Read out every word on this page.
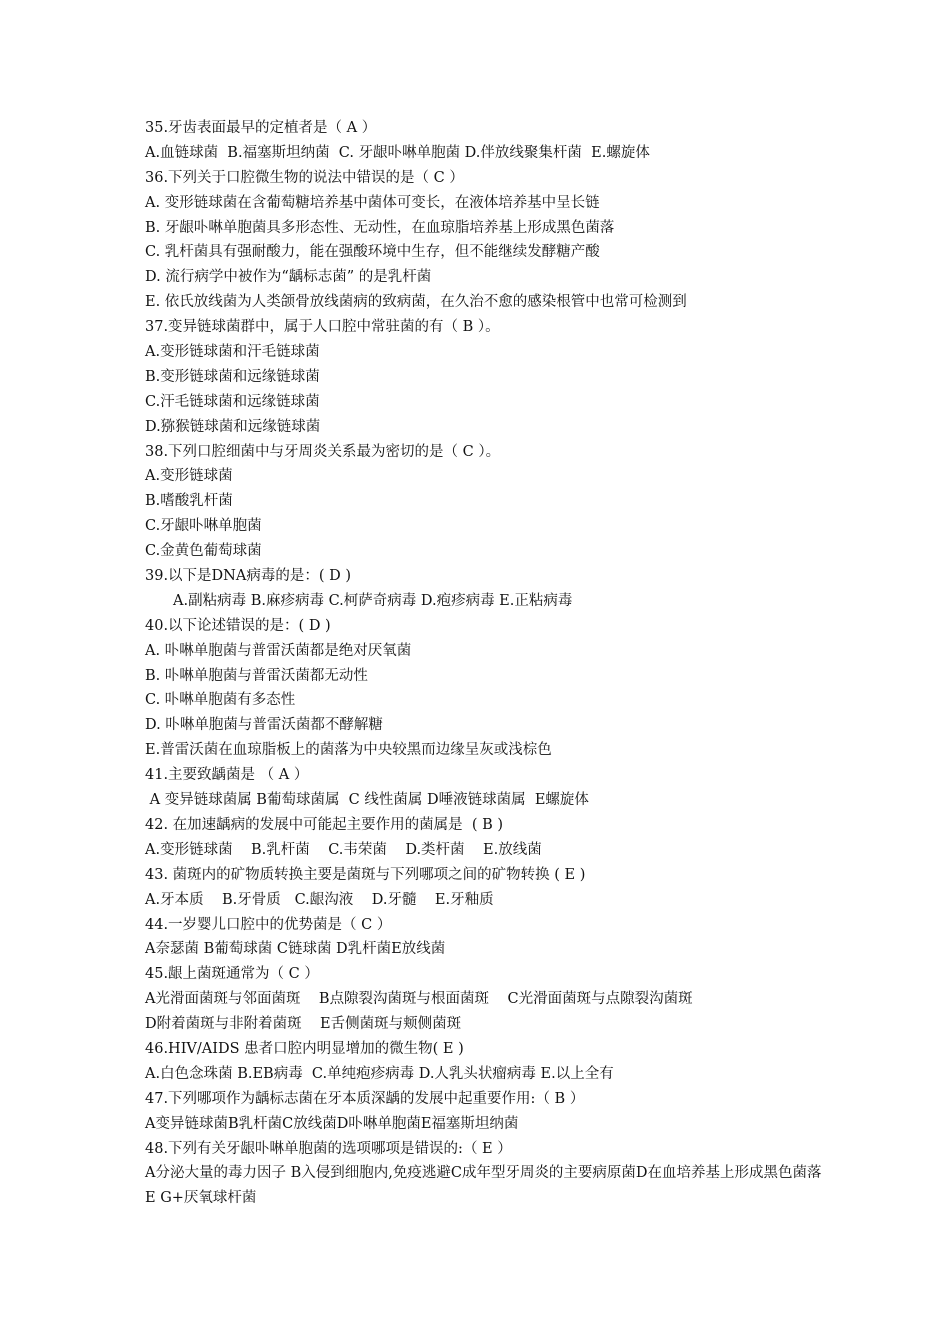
35.牙齿表面最早的定植者是（ A ）
A.血链球菌  B.福塞斯坦纳菌  C. 牙龈卟啉单胞菌 D.伴放线聚集杆菌  E.螺旋体
36.下列关于口腔微生物的说法中错误的是（ C ）
A. 变形链球菌在含葡萄糖培养基中菌体可变长，在液体培养基中呈长链
B. 牙龈卟啉单胞菌具多形态性、无动性，在血琼脂培养基上形成黑色菌落
C. 乳杆菌具有强耐酸力，能在强酸环境中生存，但不能继续发酵糖产酸
D. 流行病学中被作为“龋标志菌” 的是乳杆菌
E. 依氏放线菌为人类颌骨放线菌病的致病菌，在久治不愈的感染根管中也常可检测到
37.变异链球菌群中，属于人口腔中常驻菌的有（ B ）。
A.变形链球菌和汗毛链球菌
B.变形链球菌和远缘链球菌
C.汗毛链球菌和远缘链球菌
D.猕猴链球菌和远缘链球菌
38.下列口腔细菌中与牙周炎关系最为密切的是（ C ）。
A.变形链球菌
B.嗜酸乳杆菌
C.牙龈卟啉单胞菌
C.金黄色葡萄球菌
39.以下是DNA病毒的是：( D )
A.副粘病毒 B.麻疹病毒 C.柯萨奇病毒 D.疱疹病毒 E.正粘病毒
40.以下论述错误的是：( D )
A. 卟啉单胞菌与普雷沃菌都是绝对厌氧菌
B. 卟啉单胞菌与普雷沃菌都无动性
C. 卟啉单胞菌有多态性
D. 卟啉单胞菌与普雷沃菌都不酵解糖
E.普雷沃菌在血琼脂板上的菌落为中央较黑而边缘呈灰或浅棕色
41.主要致龋菌是 （ A ）
A 变异链球菌属 B葡萄球菌属  C 线性菌属 D唾液链球菌属  E螺旋体
42. 在加速龋病的发展中可能起主要作用的菌属是  ( B )
A.变形链球菌    B.乳杆菌    C.韦荣菌    D.类杆菌    E.放线菌
43. 菌斑内的矿物质转换主要是菌斑与下列哪项之间的矿物转换 ( E )
A.牙本质    B.牙骨质   C.龈沟液    D.牙髓    E.牙釉质
44.一岁婴儿口腔中的优势菌是（ C ）
A奈瑟菌 B葡萄球菌 C链球菌 D乳杆菌E放线菌
45.龈上菌斑通常为（ C ）
A光滑面菌斑与邻面菌斑    B点隙裂沟菌斑与根面菌斑    C光滑面菌斑与点隙裂沟菌斑
D附着菌斑与非附着菌斑    E舌侧菌斑与颊侧菌斑
46.HIV/AIDS 患者口腔内明显增加的微生物( E )
A.白色念珠菌 B.EB病毒  C.单纯疱疹病毒 D.人乳头状瘤病毒 E.以上全有
47.下列哪项作为龋标志菌在牙本质深龋的发展中起重要作用:（ B ）
A变异链球菌B乳杆菌C放线菌D卟啉单胞菌E福塞斯坦纳菌
48.下列有关牙龈卟啉单胞菌的选项哪项是错误的:（ E ）
A分泌大量的毒力因子 B入侵到细胞内,免疫逃避C成年型牙周炎的主要病原菌D在血培养基上形成黑色菌落E G+厌氧球杆菌
